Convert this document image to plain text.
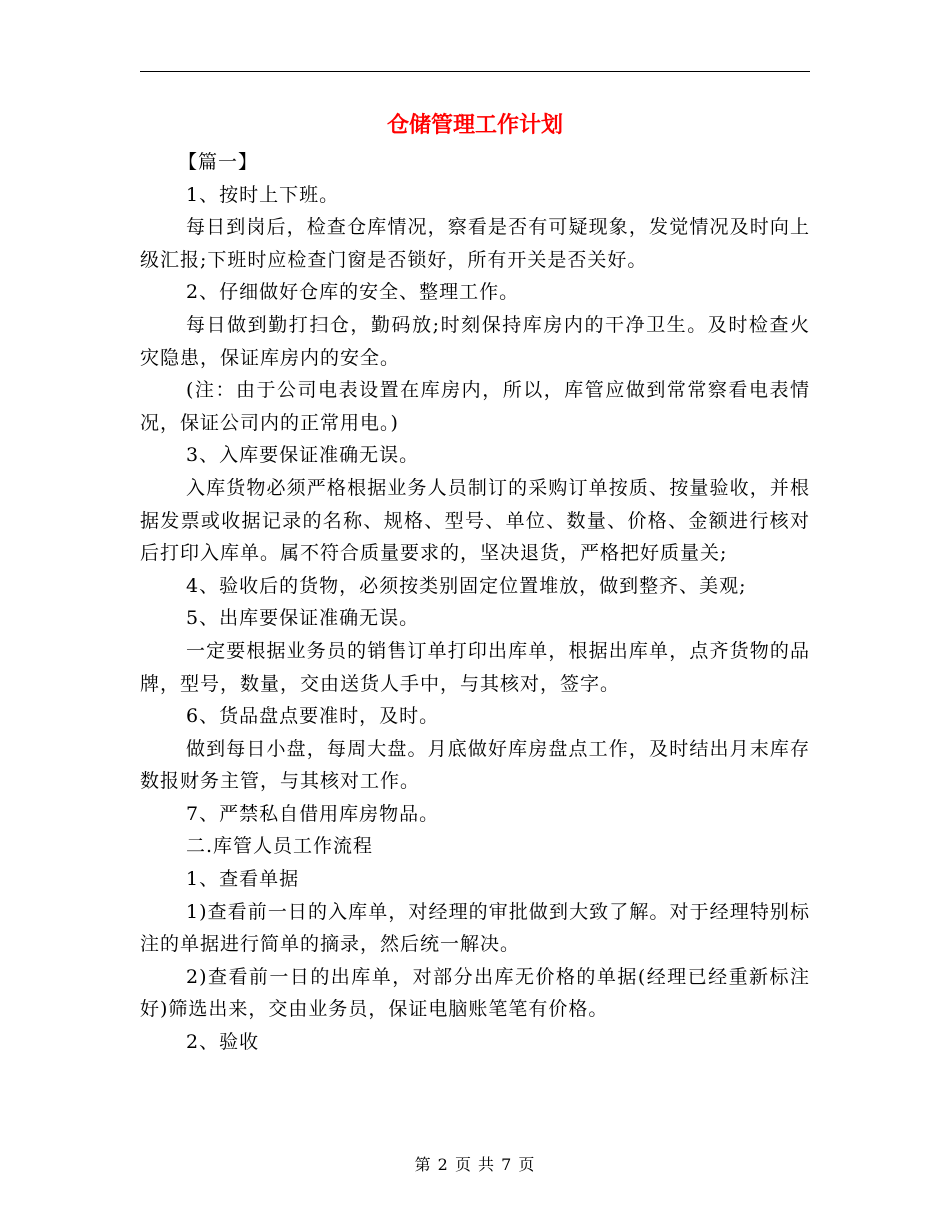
仓储管理工作计划

【篇一】

1、按时上下班。

每日到岗后，检查仓库情况，察看是否有可疑现象，发觉情况及时向上级汇报;下班时应检查门窗是否锁好，所有开关是否关好。

2、仔细做好仓库的安全、整理工作。

每日做到勤打扫仓，勤码放;时刻保持库房内的干净卫生。及时检查火灾隐患，保证库房内的安全。

(注：由于公司电表设置在库房内，所以，库管应做到常常察看电表情况，保证公司内的正常用电。)

3、入库要保证准确无误。

入库货物必须严格根据业务人员制订的采购订单按质、按量验收，并根据发票或收据记录的名称、规格、型号、单位、数量、价格、金额进行核对后打印入库单。属不符合质量要求的，坚决退货，严格把好质量关;

4、验收后的货物，必须按类别固定位置堆放，做到整齐、美观;

5、出库要保证准确无误。

一定要根据业务员的销售订单打印出库单，根据出库单，点齐货物的品牌，型号，数量，交由送货人手中，与其核对，签字。

6、货品盘点要准时，及时。

做到每日小盘，每周大盘。月底做好库房盘点工作，及时结出月末库存数报财务主管，与其核对工作。

7、严禁私自借用库房物品。

二.库管人员工作流程

1、查看单据

1)查看前一日的入库单，对经理的审批做到大致了解。对于经理特别标注的单据进行简单的摘录，然后统一解决。

2)查看前一日的出库单，对部分出库无价格的单据(经理已经重新标注好)筛选出来，交由业务员，保证电脑账笔笔有价格。

2、验收

第 2 页 共 7 页
